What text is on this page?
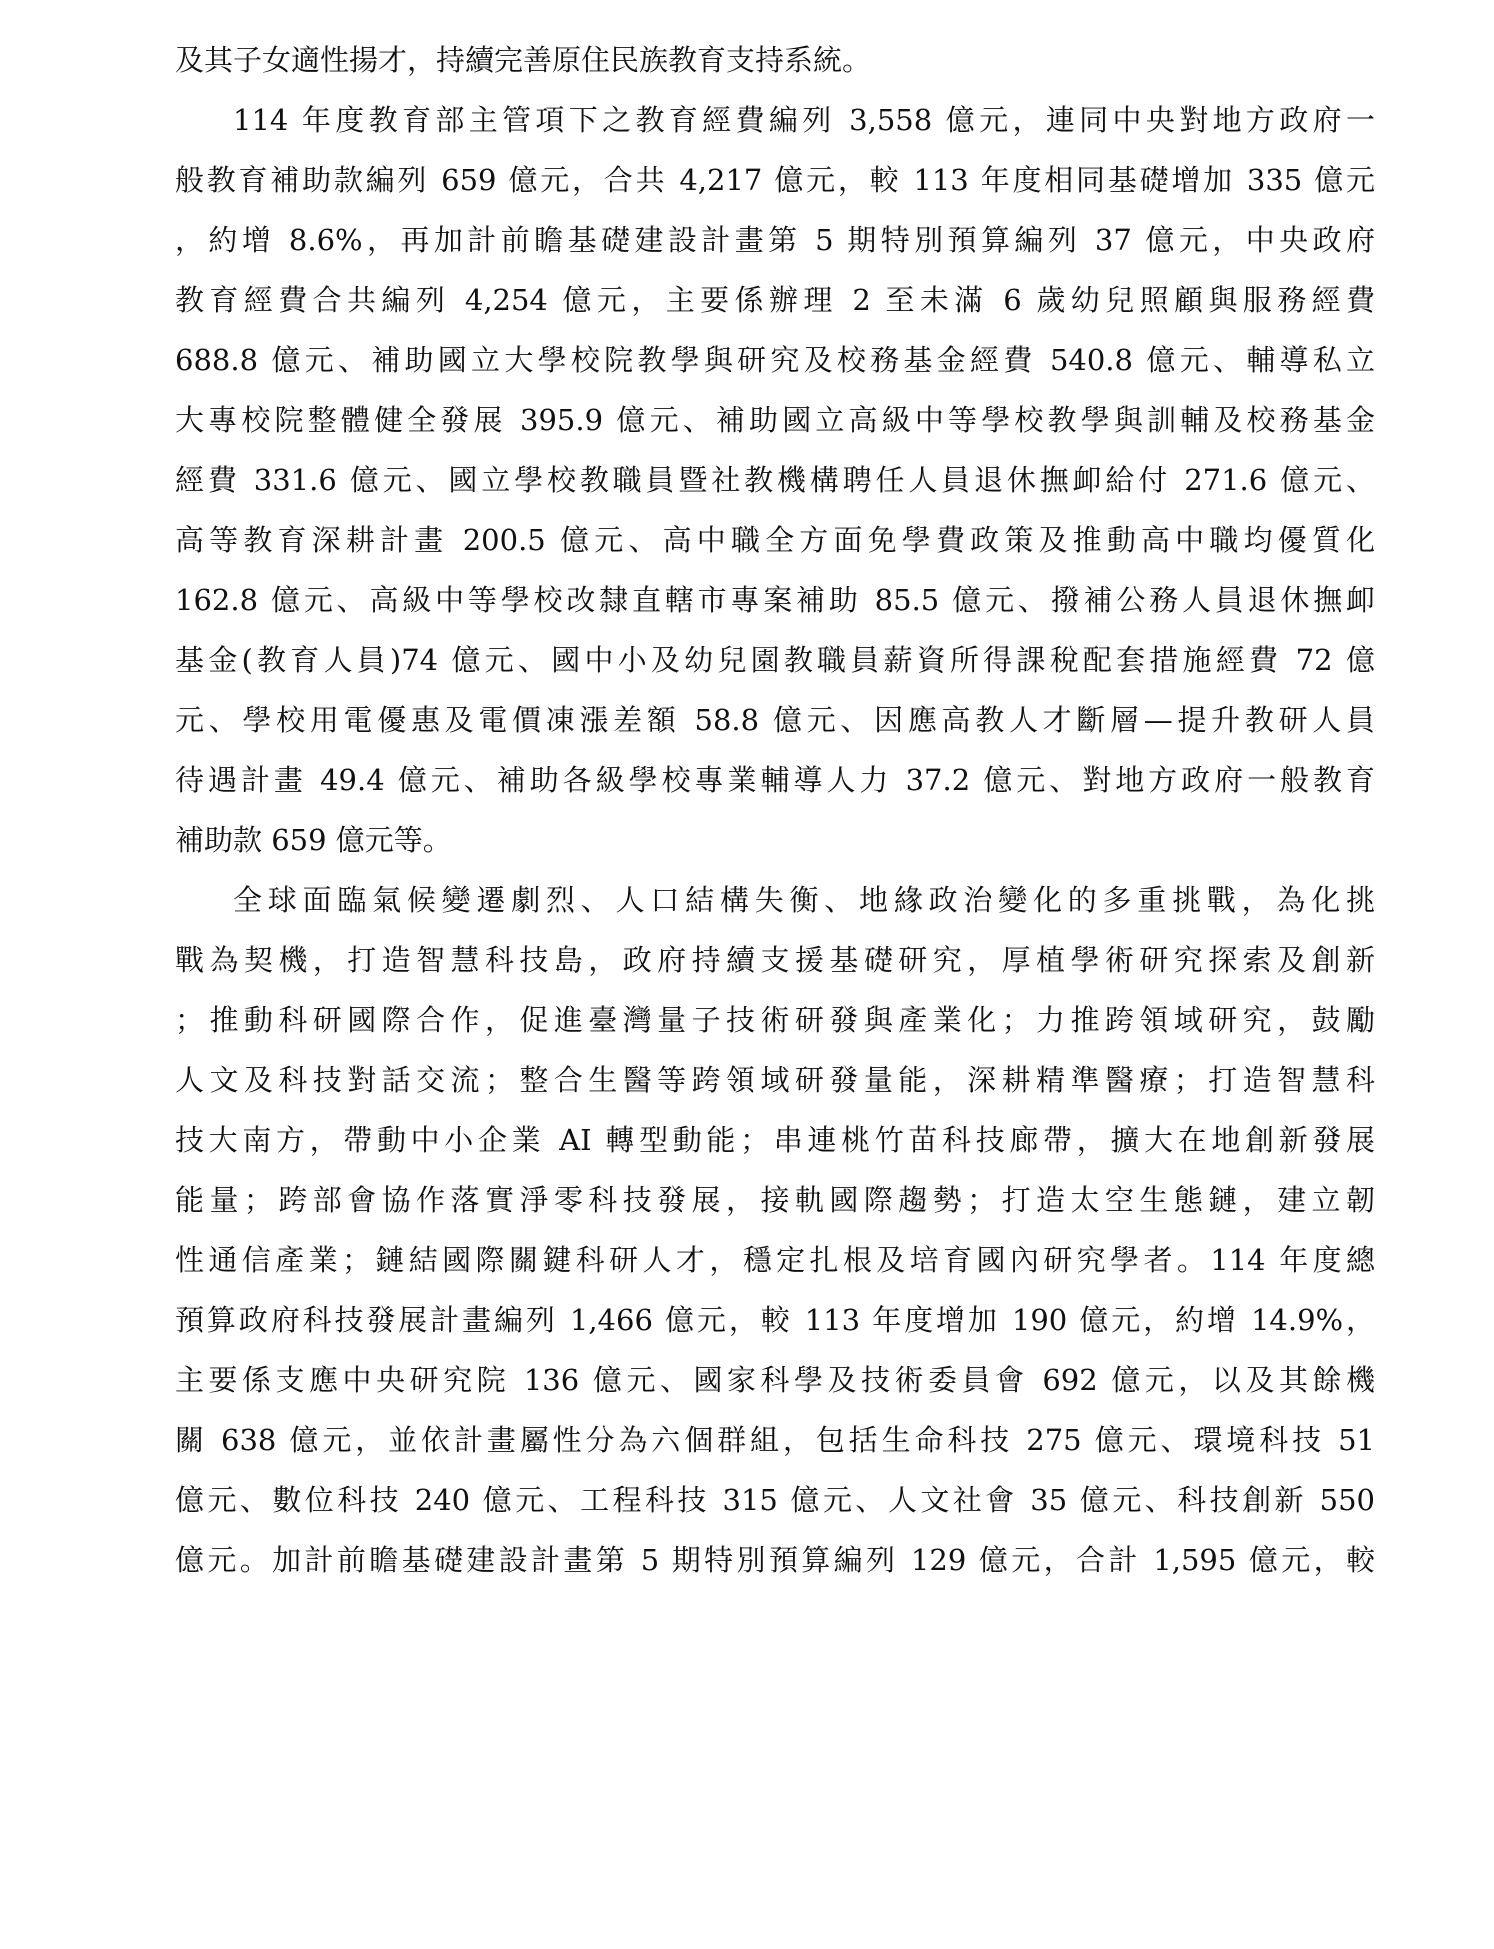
及其子女適性揚才，持續完善原住民族教育支持系統。
114 年度教育部主管項下之教育經費編列 3,558 億元，連同中央對地方政府一
般教育補助款編列 659 億元，合共 4,217 億元，較 113 年度相同基礎增加 335 億元
，約增 8.6%，再加計前瞻基礎建設計畫第 5 期特別預算編列 37 億元，中央政府
教育經費合共編列 4,254 億元，主要係辦理 2 至未滿 6 歲幼兒照顧與服務經費
688.8 億元、補助國立大學校院教學與研究及校務基金經費 540.8 億元、輔導私立
大專校院整體健全發展 395.9 億元、補助國立高級中等學校教學與訓輔及校務基金
經費 331.6 億元、國立學校教職員暨社教機構聘任人員退休撫卹給付 271.6 億元、
高等教育深耕計畫 200.5 億元、高中職全方面免學費政策及推動高中職均優質化
162.8 億元、高級中等學校改隸直轄市專案補助 85.5 億元、撥補公務人員退休撫卹
基金(教育人員)74 億元、國中小及幼兒園教職員薪資所得課稅配套措施經費 72 億
元、學校用電優惠及電價凍漲差額 58.8 億元、因應高教人才斷層—提升教研人員
待遇計畫 49.4 億元、補助各級學校專業輔導人力 37.2 億元、對地方政府一般教育
補助款 659 億元等。
全球面臨氣候變遷劇烈、人口結構失衡、地緣政治變化的多重挑戰，為化挑
戰為契機，打造智慧科技島，政府持續支援基礎研究，厚植學術研究探索及創新
；推動科研國際合作，促進臺灣量子技術研發與產業化；力推跨領域研究，鼓勵
人文及科技對話交流；整合生醫等跨領域研發量能，深耕精準醫療；打造智慧科
技大南方，帶動中小企業 AI 轉型動能；串連桃竹苗科技廊帶，擴大在地創新發展
能量；跨部會協作落實淨零科技發展，接軌國際趨勢；打造太空生態鏈，建立韌
性通信產業；鏈結國際關鍵科研人才，穩定扎根及培育國內研究學者。114 年度總
預算政府科技發展計畫編列 1,466 億元，較 113 年度增加 190 億元，約增 14.9%，
主要係支應中央研究院 136 億元、國家科學及技術委員會 692 億元，以及其餘機
關 638 億元，並依計畫屬性分為六個群組，包括生命科技 275 億元、環境科技 51
億元、數位科技 240 億元、工程科技 315 億元、人文社會 35 億元、科技創新 550
億元。加計前瞻基礎建設計畫第 5 期特別預算編列 129 億元，合計 1,595 億元，較
